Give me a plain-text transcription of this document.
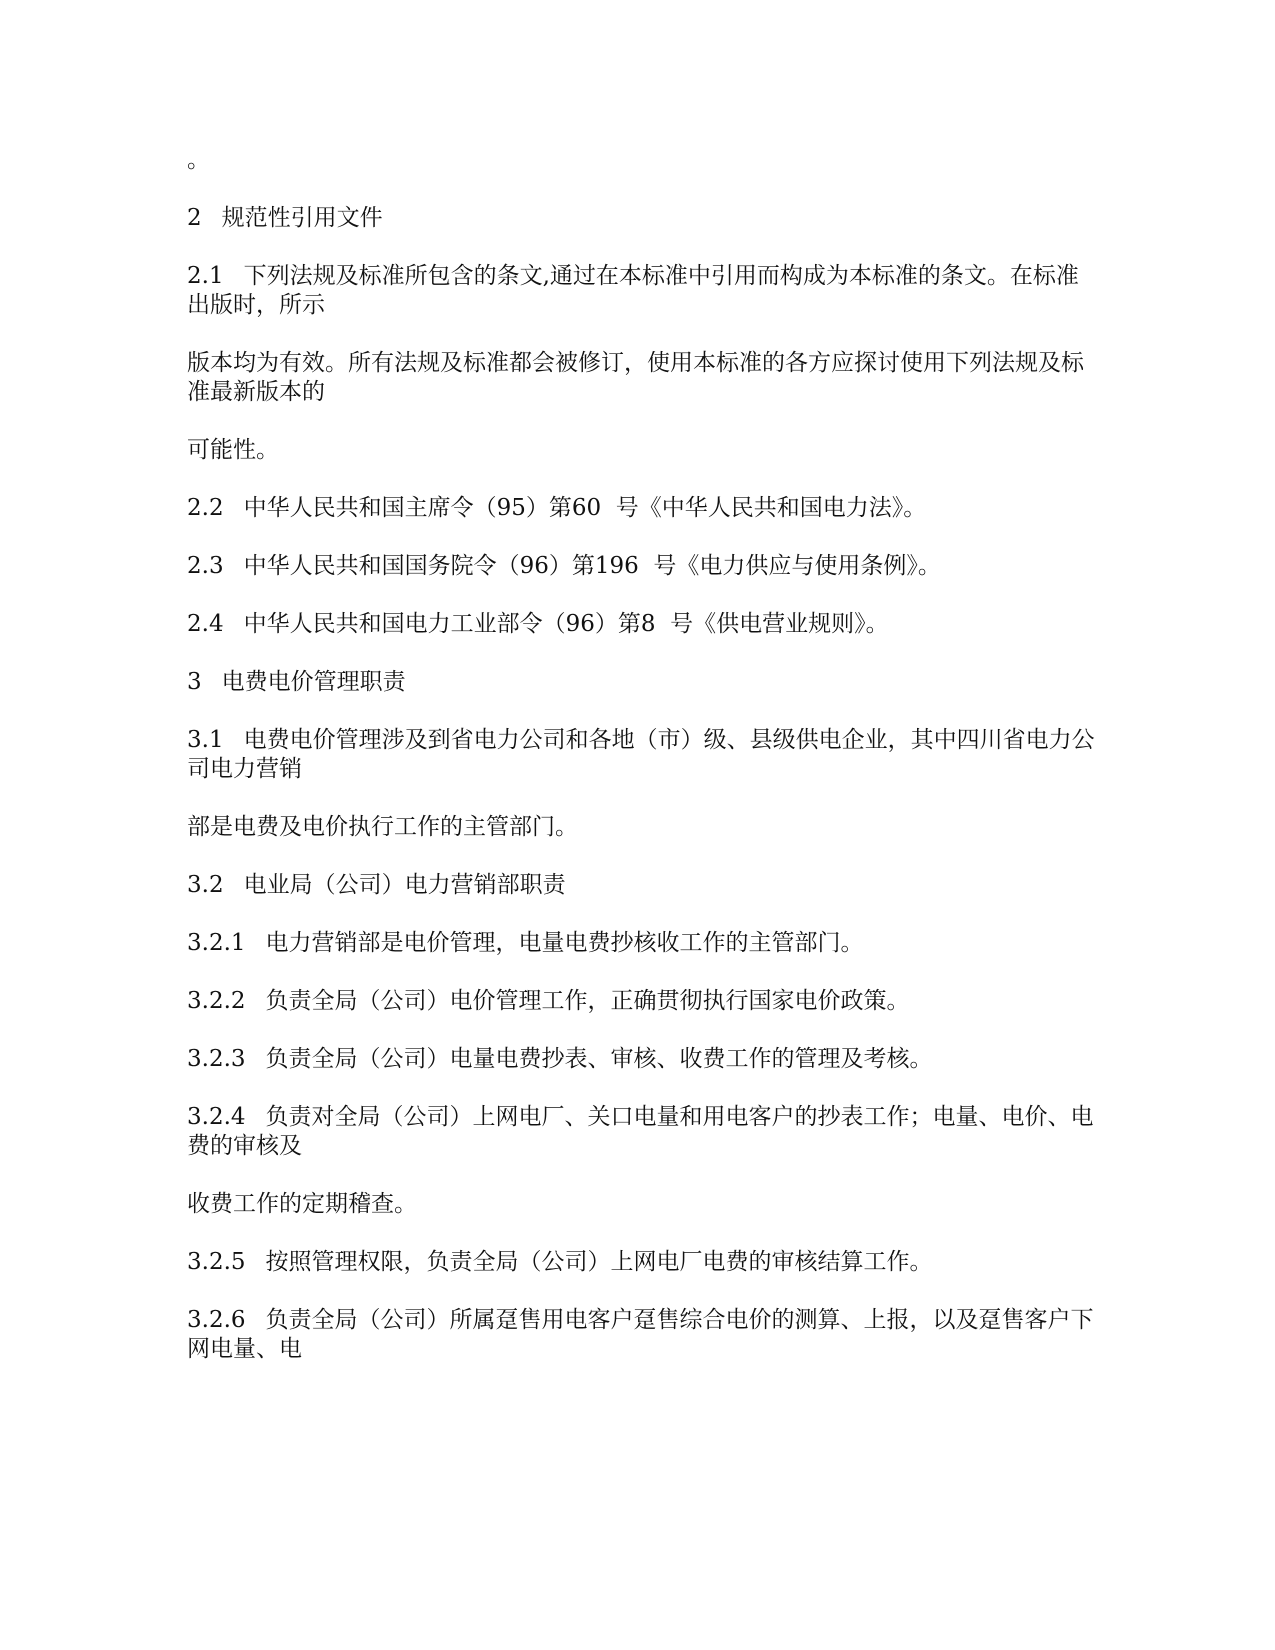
。

2 规范性引用文件

2.1 下列法规及标准所包含的条文,通过在本标准中引用而构成为本标准的条文。在标准出版时，所示

版本均为有效。所有法规及标准都会被修订，使用本标准的各方应探讨使用下列法规及标准最新版本的

可能性。

2.2 中华人民共和国主席令（95）第60  号《中华人民共和国电力法》。

2.3 中华人民共和国国务院令（96）第196  号《电力供应与使用条例》。

2.4 中华人民共和国电力工业部令（96）第8  号《供电营业规则》。

3 电费电价管理职责

3.1 电费电价管理涉及到省电力公司和各地（市）级、县级供电企业，其中四川省电力公司电力营销

部是电费及电价执行工作的主管部门。

3.2 电业局（公司）电力营销部职责

3.2.1 电力营销部是电价管理，电量电费抄核收工作的主管部门。

3.2.2 负责全局（公司）电价管理工作，正确贯彻执行国家电价政策。

3.2.3 负责全局（公司）电量电费抄表、审核、收费工作的管理及考核。

3.2.4 负责对全局（公司）上网电厂、关口电量和用电客户的抄表工作；电量、电价、电费的审核及

收费工作的定期稽查。

3.2.5 按照管理权限，负责全局（公司）上网电厂电费的审核结算工作。

3.2.6 负责全局（公司）所属趸售用电客户趸售综合电价的测算、上报，以及趸售客户下网电量、电
